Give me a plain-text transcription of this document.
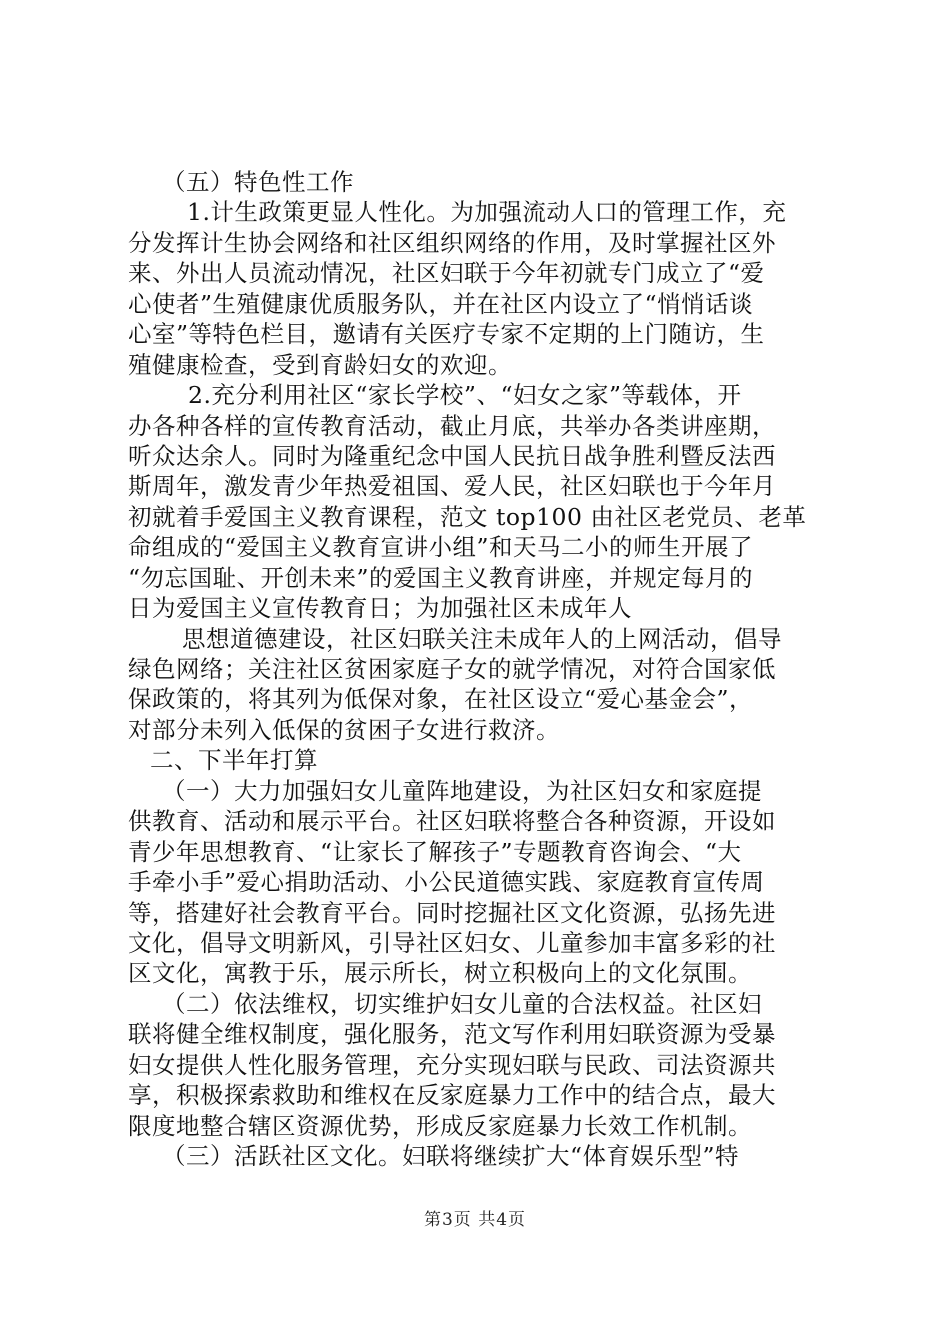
（五）特色性工作
1.计生政策更显人性化。为加强流动人口的管理工作，充
分发挥计生协会网络和社区组织网络的作用，及时掌握社区外
来、外出人员流动情况，社区妇联于今年初就专门成立了“爱
心使者”生殖健康优质服务队，并在社区内设立了“悄悄话谈
心室”等特色栏目，邀请有关医疗专家不定期的上门随访，生
殖健康检查，受到育龄妇女的欢迎。
2.充分利用社区“家长学校”、“妇女之家”等载体，开
办各种各样的宣传教育活动，截止月底，共举办各类讲座期，
听众达余人。同时为隆重纪念中国人民抗日战争胜利暨反法西
斯周年，激发青少年热爱祖国、爱人民，社区妇联也于今年月
初就着手爱国主义教育课程，范文 top100 由社区老党员、老革
命组成的“爱国主义教育宣讲小组”和天马二小的师生开展了
“勿忘国耻、开创未来”的爱国主义教育讲座，并规定每月的
日为爱国主义宣传教育日；为加强社区未成年人
思想道德建设，社区妇联关注未成年人的上网活动，倡导
绿色网络；关注社区贫困家庭子女的就学情况，对符合国家低
保政策的，将其列为低保对象，在社区设立“爱心基金会”，
对部分未列入低保的贫困子女进行救济。
二、下半年打算
（一）大力加强妇女儿童阵地建设，为社区妇女和家庭提
供教育、活动和展示平台。社区妇联将整合各种资源，开设如
青少年思想教育、“让家长了解孩子”专题教育咨询会、“大
手牵小手”爱心捐助活动、小公民道德实践、家庭教育宣传周
等，搭建好社会教育平台。同时挖掘社区文化资源，弘扬先进
文化，倡导文明新风，引导社区妇女、儿童参加丰富多彩的社
区文化，寓教于乐，展示所长，树立积极向上的文化氛围。
（二）依法维权，切实维护妇女儿童的合法权益。社区妇
联将健全维权制度，强化服务，范文写作利用妇联资源为受暴
妇女提供人性化服务管理，充分实现妇联与民政、司法资源共
享，积极探索救助和维权在反家庭暴力工作中的结合点，最大
限度地整合辖区资源优势，形成反家庭暴力长效工作机制。
（三）活跃社区文化。妇联将继续扩大“体育娱乐型”特
第3页 共4页
